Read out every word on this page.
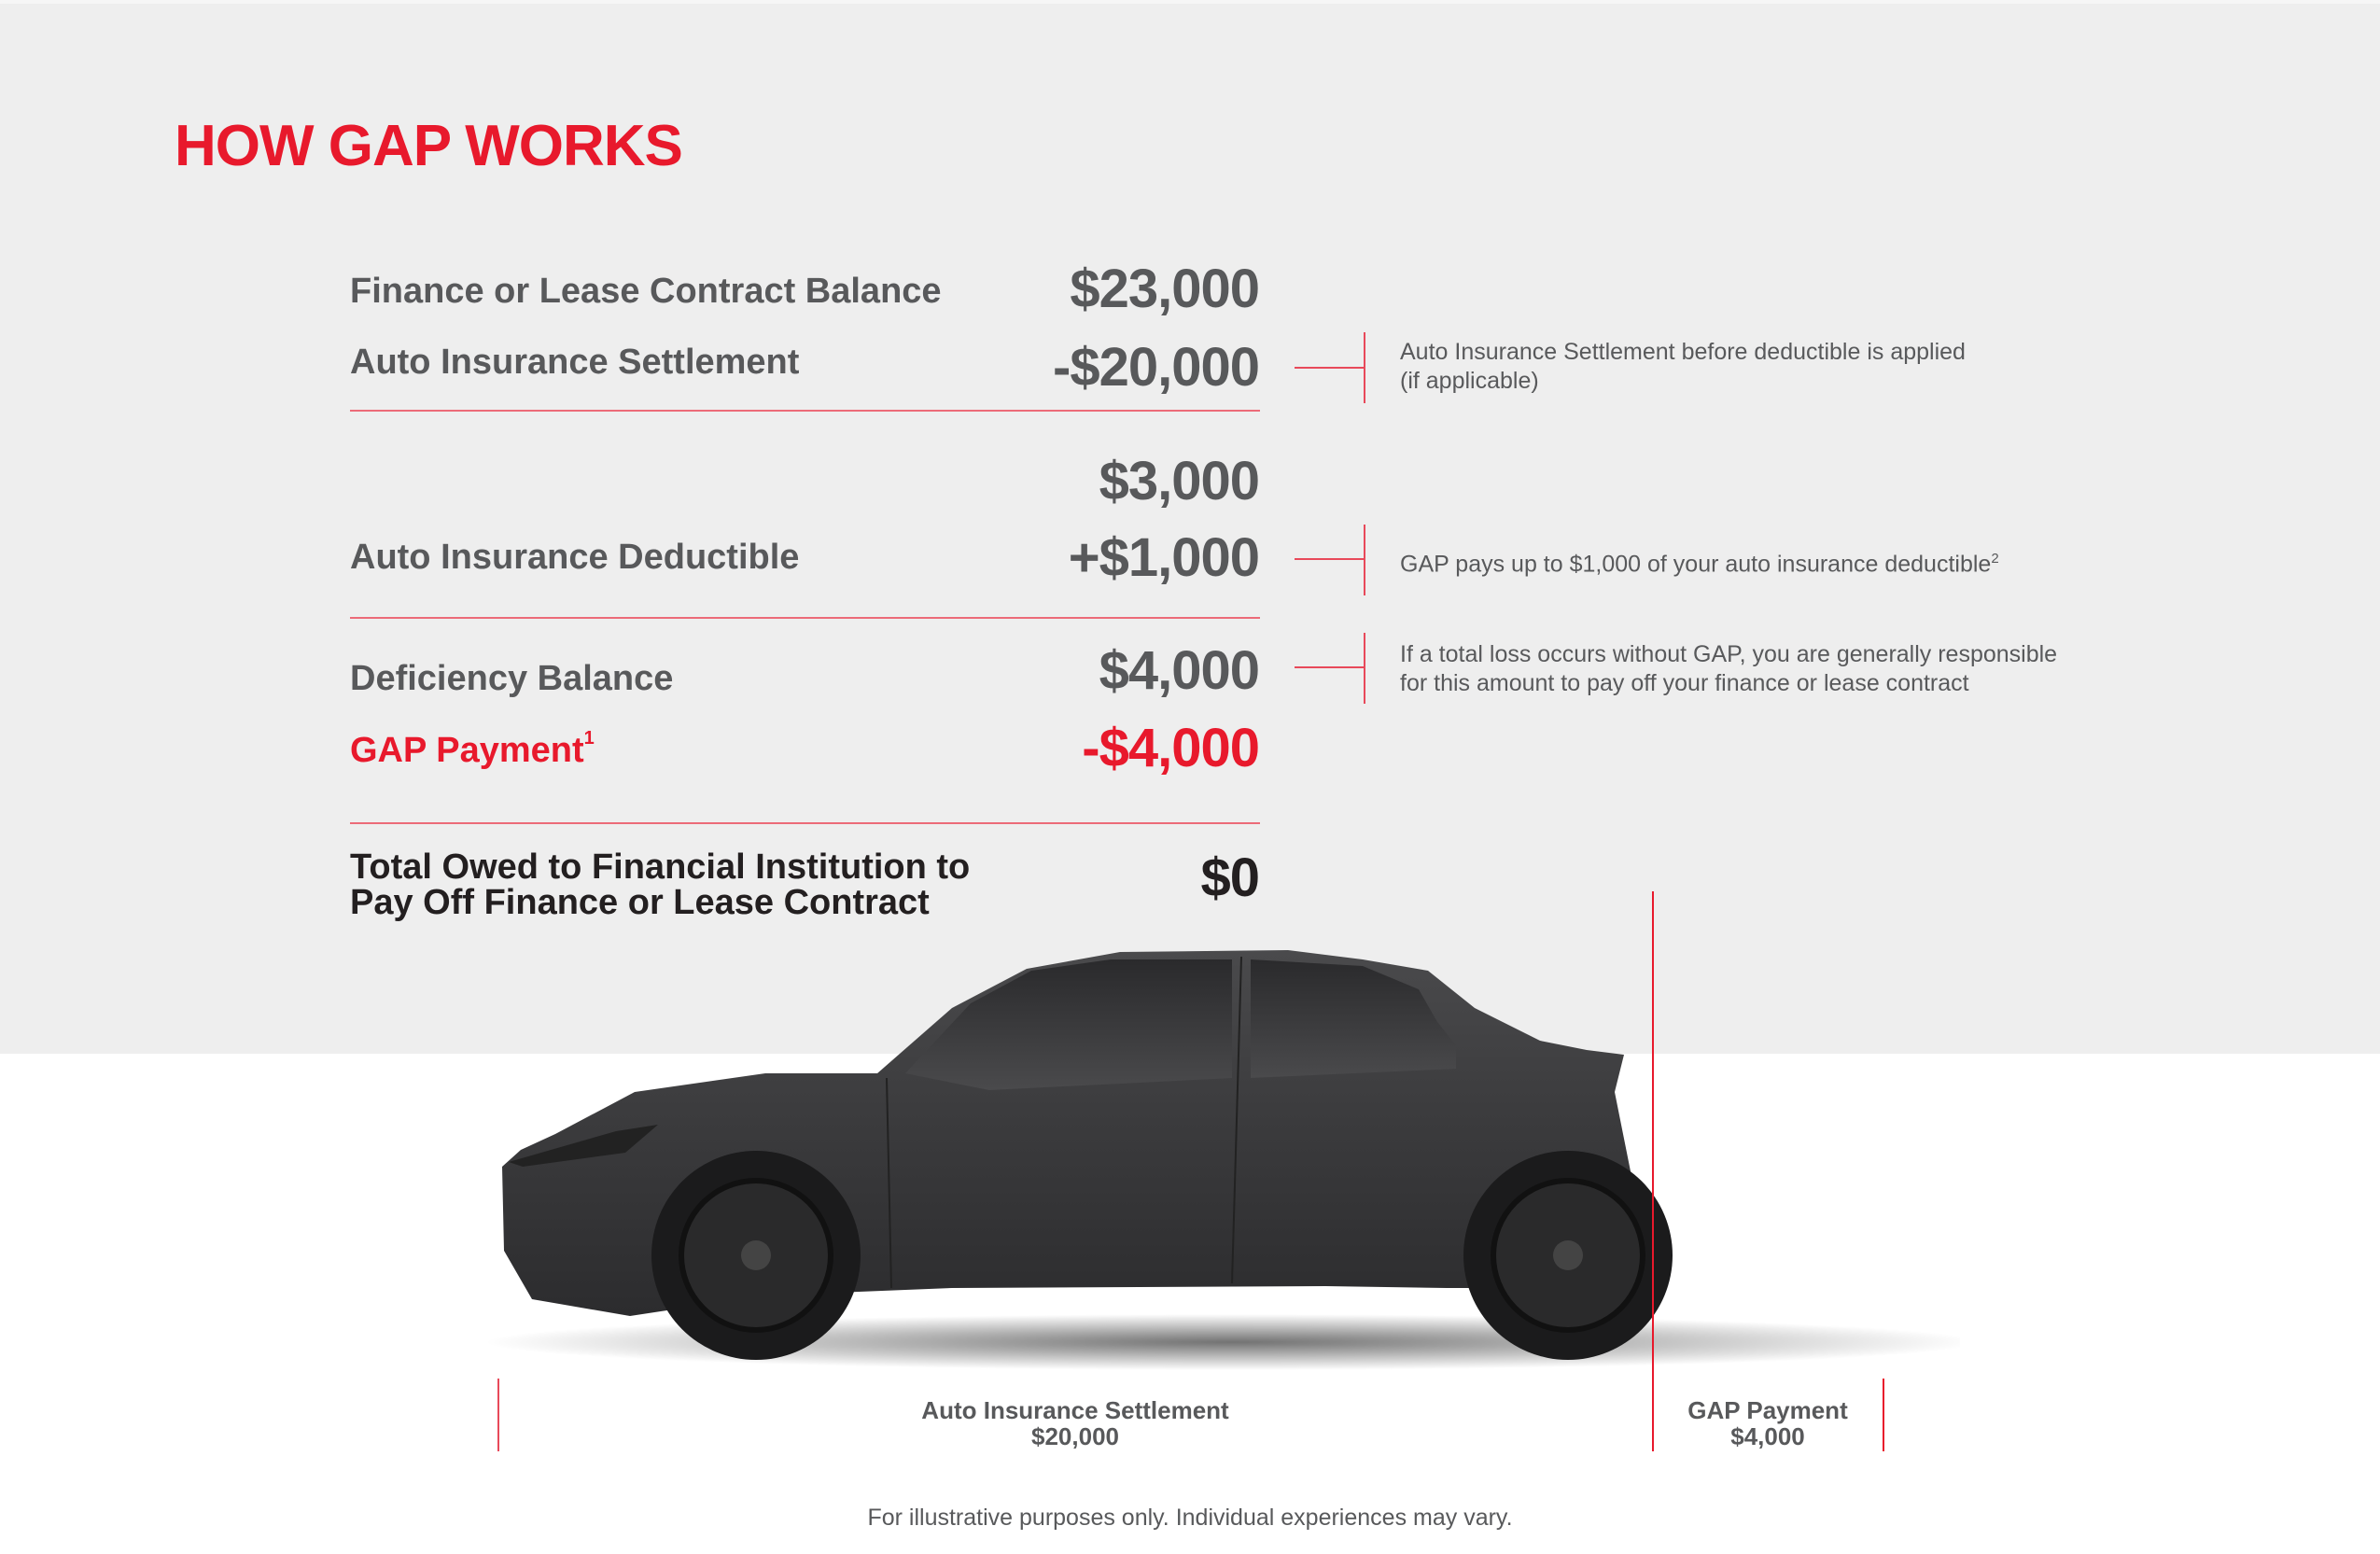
HOW GAP WORKS
Finance or Lease Contract Balance $23,000
Auto Insurance Settlement	-$20,000	Auto Insurance Settlement before deductible is applied
(if applicable)
$3,000
Auto Insurance Deductible	+$1,000	GAP pays up to $1,000 of your auto insurance deductible$^2$
Deficiency Balance	$4,000	If a total loss occurs without GAP, you are generally responsible
for this amount to pay off your finance or lease contract
GAP Payment$^1$	-$4,000
Total Owed to Financial Institution to
Pay Off Finance or Lease Contract	$0
Auto Insurance Settlement
$20,000
GAP Payment
$4,000
For illustrative purposes only. Individual experiences may vary.
